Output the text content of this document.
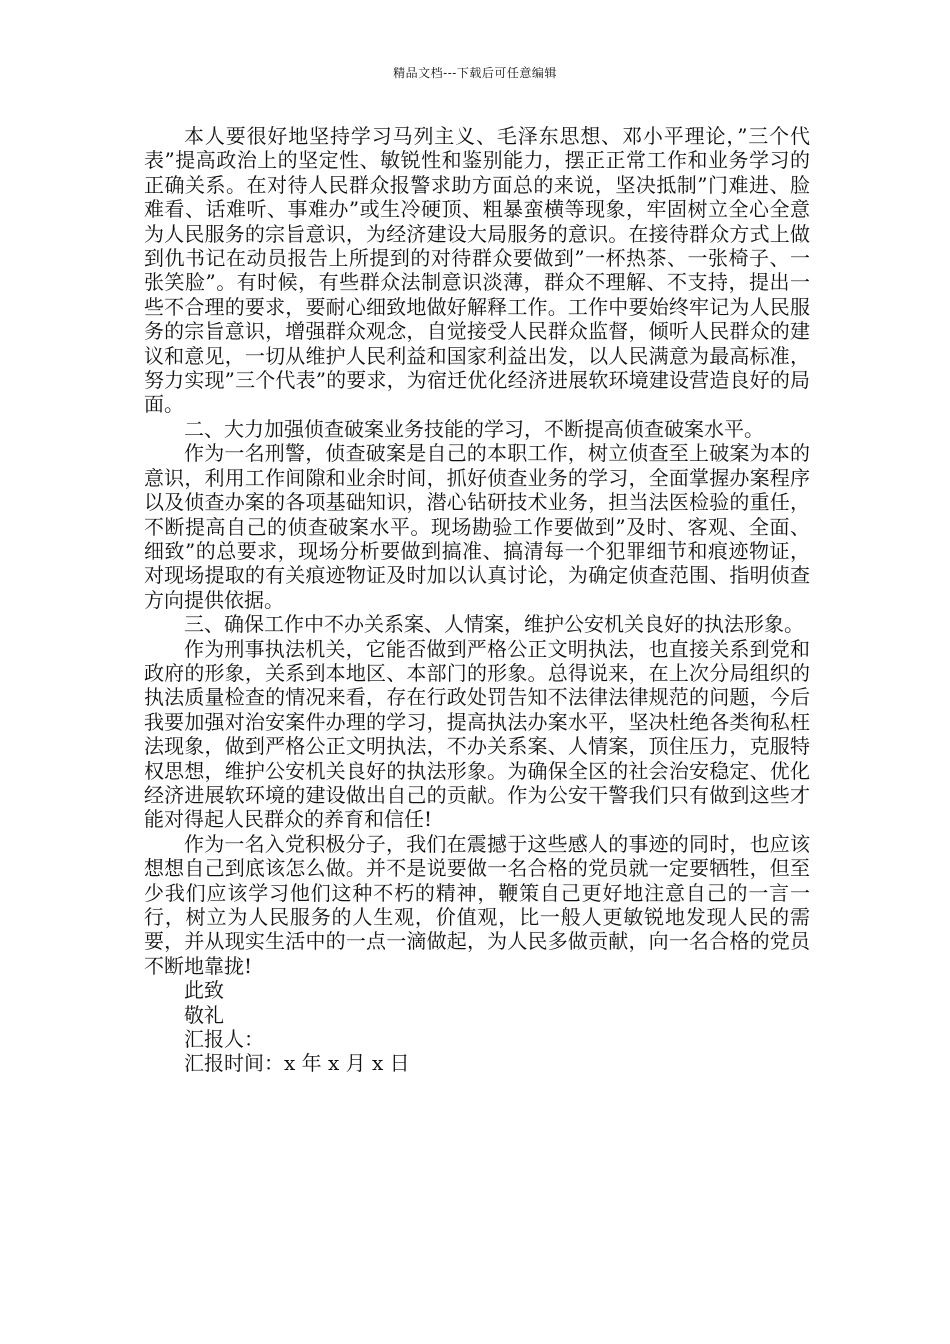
精品文档---下载后可任意编辑

本人要很好地坚持学习马列主义、毛泽东思想、邓小平理论，”三个代表”提高政治上的坚定性、敏锐性和鉴别能力，摆正正常工作和业务学习的正确关系。在对待人民群众报警求助方面总的来说，坚决抵制”门难进、脸难看、话难听、事难办”或生冷硬顶、粗暴蛮横等现象，牢固树立全心全意为人民服务的宗旨意识，为经济建设大局服务的意识。在接待群众方式上做到仇书记在动员报告上所提到的对待群众要做到”一杯热茶、一张椅子、一张笑脸”。有时候，有些群众法制意识淡薄，群众不理解、不支持，提出一些不合理的要求，要耐心细致地做好解释工作。工作中要始终牢记为人民服务的宗旨意识，增强群众观念，自觉接受人民群众监督，倾听人民群众的建议和意见，一切从维护人民利益和国家利益出发，以人民满意为最高标准，努力实现”三个代表”的要求，为宿迁优化经济进展软环境建设营造良好的局面。

二、大力加强侦查破案业务技能的学习，不断提高侦查破案水平。

作为一名刑警，侦查破案是自己的本职工作，树立侦查至上破案为本的意识，利用工作间隙和业余时间，抓好侦查业务的学习，全面掌握办案程序以及侦查办案的各项基础知识，潜心钻研技术业务，担当法医检验的重任，不断提高自己的侦查破案水平。现场勘验工作要做到”及时、客观、全面、细致”的总要求，现场分析要做到搞准、搞清每一个犯罪细节和痕迹物证，对现场提取的有关痕迹物证及时加以认真讨论，为确定侦查范围、指明侦查方向提供依据。

三、确保工作中不办关系案、人情案，维护公安机关良好的执法形象。

作为刑事执法机关，它能否做到严格公正文明执法，也直接关系到党和政府的形象，关系到本地区、本部门的形象。总得说来，在上次分局组织的执法质量检查的情况来看，存在行政处罚告知不法律法律规范的问题，今后我要加强对治安案件办理的学习，提高执法办案水平，坚决杜绝各类徇私枉法现象，做到严格公正文明执法，不办关系案、人情案，顶住压力，克服特权思想，维护公安机关良好的执法形象。为确保全区的社会治安稳定、优化经济进展软环境的建设做出自己的贡献。作为公安干警我们只有做到这些才能对得起人民群众的养育和信任!

作为一名入党积极分子，我们在震撼于这些感人的事迹的同时，也应该想想自己到底该怎么做。并不是说要做一名合格的党员就一定要牺牲，但至少我们应该学习他们这种不朽的精神，鞭策自己更好地注意自己的一言一行，树立为人民服务的人生观，价值观，比一般人更敏锐地发现人民的需要，并从现实生活中的一点一滴做起，为人民多做贡献，向一名合格的党员不断地靠拢!

此致
敬礼
汇报人：
汇报时间：x 年 x 月 x 日
